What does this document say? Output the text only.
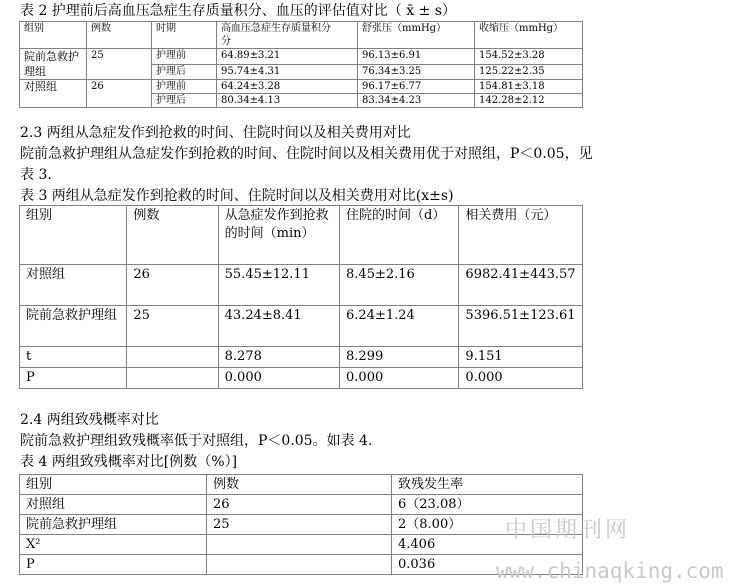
表 2 护理前后高血压急症生存质量积分、血压的评估值对比（ x̄ ± s）
组别	例数	时期	高血压急症生存质量积分
分	舒张压（mmHg）	收缩压（mmHg）
院前急救护理组	25	护理前	64.89±3.21	96.13±6.91	154.52±3.28
		护理后	95.74±4.31	76.34±3.25	125.22±2.35
对照组	26	护理前	64.24±3.28	96.17±6.77	154.81±3.18
		护理后	80.34±4.13	83.34±4.23	142.28±2.12
2.3 两组从急症发作到抢救的时间、住院时间以及相关费用对比
院前急救护理组从急症发作到抢救的时间、住院时间以及相关费用优于对照组，P＜0.05，见
表 3.
表 3 两组从急症发作到抢救的时间、住院时间以及相关费用对比(x±s)
组别	例数	从急症发作到抢救的时间（min）	住院的时间（d）	相关费用（元）
对照组	26	55.45±12.11	8.45±2.16	6982.41±443.57
院前急救护理组	25	43.24±8.41	6.24±1.24	5396.51±123.61
t		8.278	8.299	9.151
P		0.000	0.000	0.000
2.4 两组致残概率对比
院前急救护理组致残概率低于对照组，P＜0.05。如表 4.
表 4 两组致残概率对比[例数（%）]
组别	例数	致残发生率
对照组	26	6（23.08）
院前急救护理组	25	2（8.00）
X²		4.406
P		0.036
中国期刊网
www.chinaqking.com
